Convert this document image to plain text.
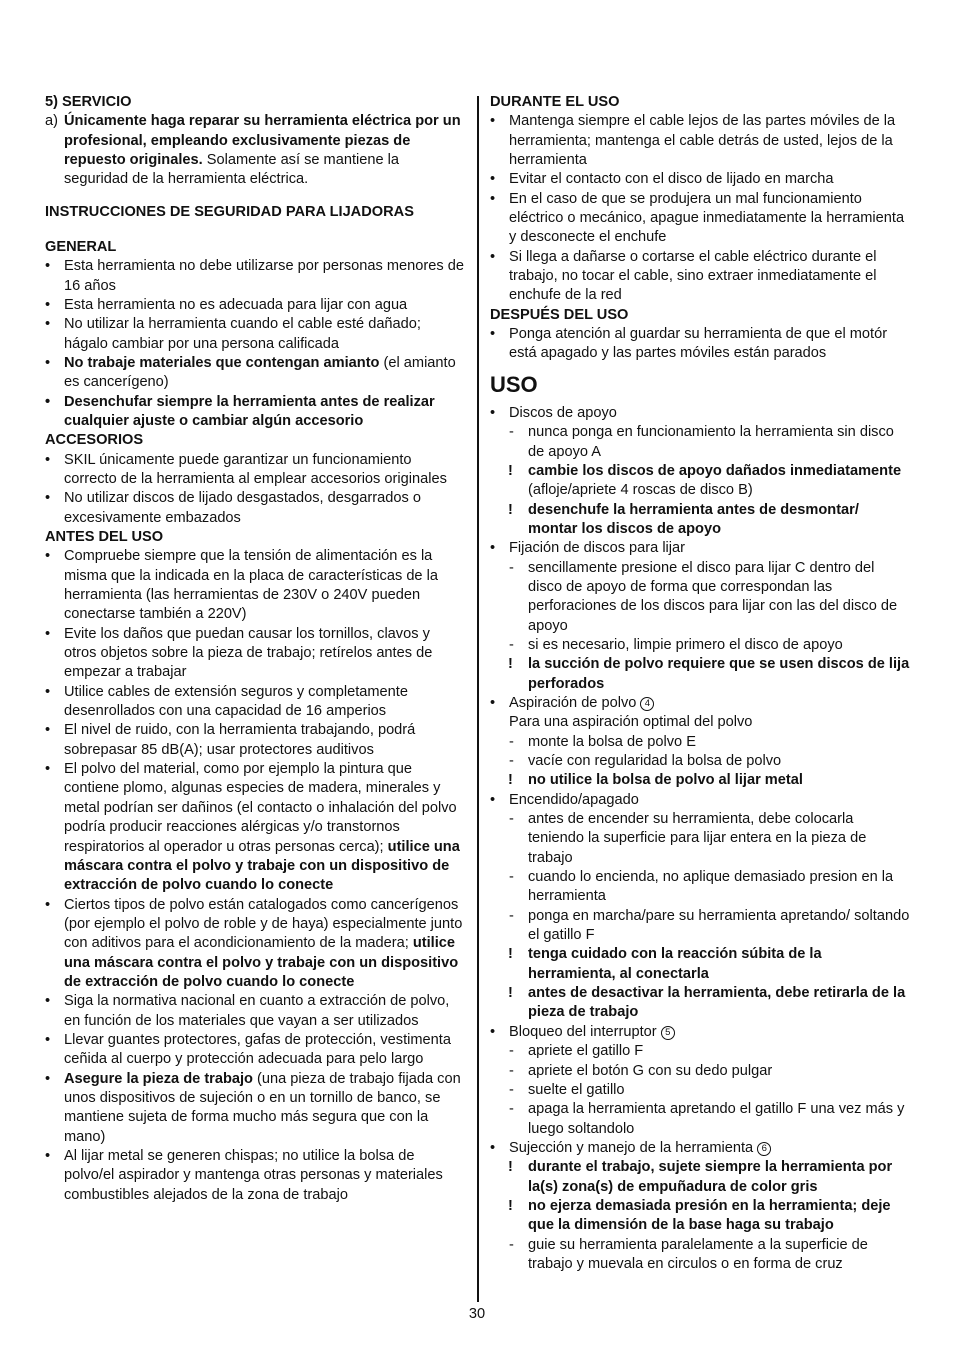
5) SERVICIO
a) Únicamente haga reparar su herramienta eléctrica por un profesional, empleando exclusivamente piezas de repuesto originales. Solamente así se mantiene la seguridad de la herramienta eléctrica.
INSTRUCCIONES DE SEGURIDAD PARA LIJADORAS
GENERAL
• Esta herramienta no debe utilizarse por personas menores de 16 años
• Esta herramienta no es adecuada para lijar con agua
• No utilizar la herramienta cuando el cable esté dañado; hágalo cambiar por una persona calificada
• No trabaje materiales que contengan amianto (el amianto es cancerígeno)
• Desenchufar siempre la herramienta antes de realizar cualquier ajuste o cambiar algún accesorio
ACCESORIOS
• SKIL únicamente puede garantizar un funcionamiento correcto de la herramienta al emplear accesorios originales
• No utilizar discos de lijado desgastados, desgarrados o excesivamente embazados
ANTES DEL USO
• Compruebe siempre que la tensión de alimentación es la misma que la indicada en la placa de características de la herramienta (las herramientas de 230V o 240V pueden conectarse también a 220V)
• Evite los daños que puedan causar los tornillos, clavos y otros objetos sobre la pieza de trabajo; retírelos antes de empezar a trabajar
• Utilice cables de extensión seguros y completamente desenrollados con una capacidad de 16 amperios
• El nivel de ruido, con la herramienta trabajando, podrá sobrepasar 85 dB(A); usar protectores auditivos
• El polvo del material, como por ejemplo la pintura que contiene plomo, algunas especies de madera, minerales y metal podrían ser dañinos (el contacto o inhalación del polvo podría producir reacciones alérgicas y/o transtornos respiratorios al operador u otras personas cerca); utilice una máscara contra el polvo y trabaje con un dispositivo de extracción de polvo cuando lo conecte
• Ciertos tipos de polvo están catalogados como cancerígenos (por ejemplo el polvo de roble y de haya) especialmente junto con aditivos para el acondicionamiento de la madera; utilice una máscara contra el polvo y trabaje con un dispositivo de extracción de polvo cuando lo conecte
• Siga la normativa nacional en cuanto a extracción de polvo, en función de los materiales que vayan a ser utilizados
• Llevar guantes protectores, gafas de protección, vestimenta ceñida al cuerpo y protección adecuada para pelo largo
• Asegure la pieza de trabajo (una pieza de trabajo fijada con unos dispositivos de sujeción o en un tornillo de banco, se mantiene sujeta de forma mucho más segura que con la mano)
• Al lijar metal se generen chispas; no utilice la bolsa de polvo/el aspirador y mantenga otras personas y materiales combustibles alejados de la zona de trabajo
DURANTE EL USO
• Mantenga siempre el cable lejos de las partes móviles de la herramienta; mantenga el cable detrás de usted, lejos de la herramienta
• Evitar el contacto con el disco de lijado en marcha
• En el caso de que se produjera un mal funcionamiento eléctrico o mecánico, apague inmediatamente la herramienta y desconecte el enchufe
• Si llega a dañarse o cortarse el cable eléctrico durante el trabajo, no tocar el cable, sino extraer inmediatamente el enchufe de la red
DESPUÉS DEL USO
• Ponga atención al guardar su herramienta de que el motór está apagado y las partes móviles están parados
USO
• Discos de apoyo
- nunca ponga en funcionamiento la herramienta sin disco de apoyo A
! cambie los discos de apoyo dañados inmediatamente (afloje/apriete 4 roscas de disco B)
! desenchufe la herramienta antes de desmontar/ montar los discos de apoyo
• Fijación de discos para lijar
- sencillamente presione el disco para lijar C dentro del disco de apoyo de forma que correspondan las perforaciones de los discos para lijar con las del disco de apoyo
- si es necesario, limpie primero el disco de apoyo
! la succión de polvo requiere que se usen discos de lija perforados
• Aspiración de polvo 4
Para una aspiración optimal del polvo
- monte la bolsa de polvo E
- vacíe con regularidad la bolsa de polvo
! no utilice la bolsa de polvo al lijar metal
• Encendido/apagado
- antes de encender su herramienta, debe colocarla teniendo la superficie para lijar entera en la pieza de trabajo
- cuando lo encienda, no aplique demasiado presion en la herramienta
- ponga en marcha/pare su herramienta apretando/ soltando el gatillo F
! tenga cuidado con la reacción súbita de la herramienta, al conectarla
! antes de desactivar la herramienta, debe retirarla de la pieza de trabajo
• Bloqueo del interruptor 5
- apriete el gatillo F
- apriete el botón G con su dedo pulgar
- suelte el gatillo
- apaga la herramienta apretando el gatillo F una vez más y luego soltandolo
• Sujección y manejo de la herramienta 6
! durante el trabajo, sujete siempre la herramienta por la(s) zona(s) de empuñadura de color gris
! no ejerza demasiada presión en la herramienta; deje que la dimensión de la base haga su trabajo
- guie su herramienta paralelamente a la superficie de trabajo y muevala en circulos o en forma de cruz
30
